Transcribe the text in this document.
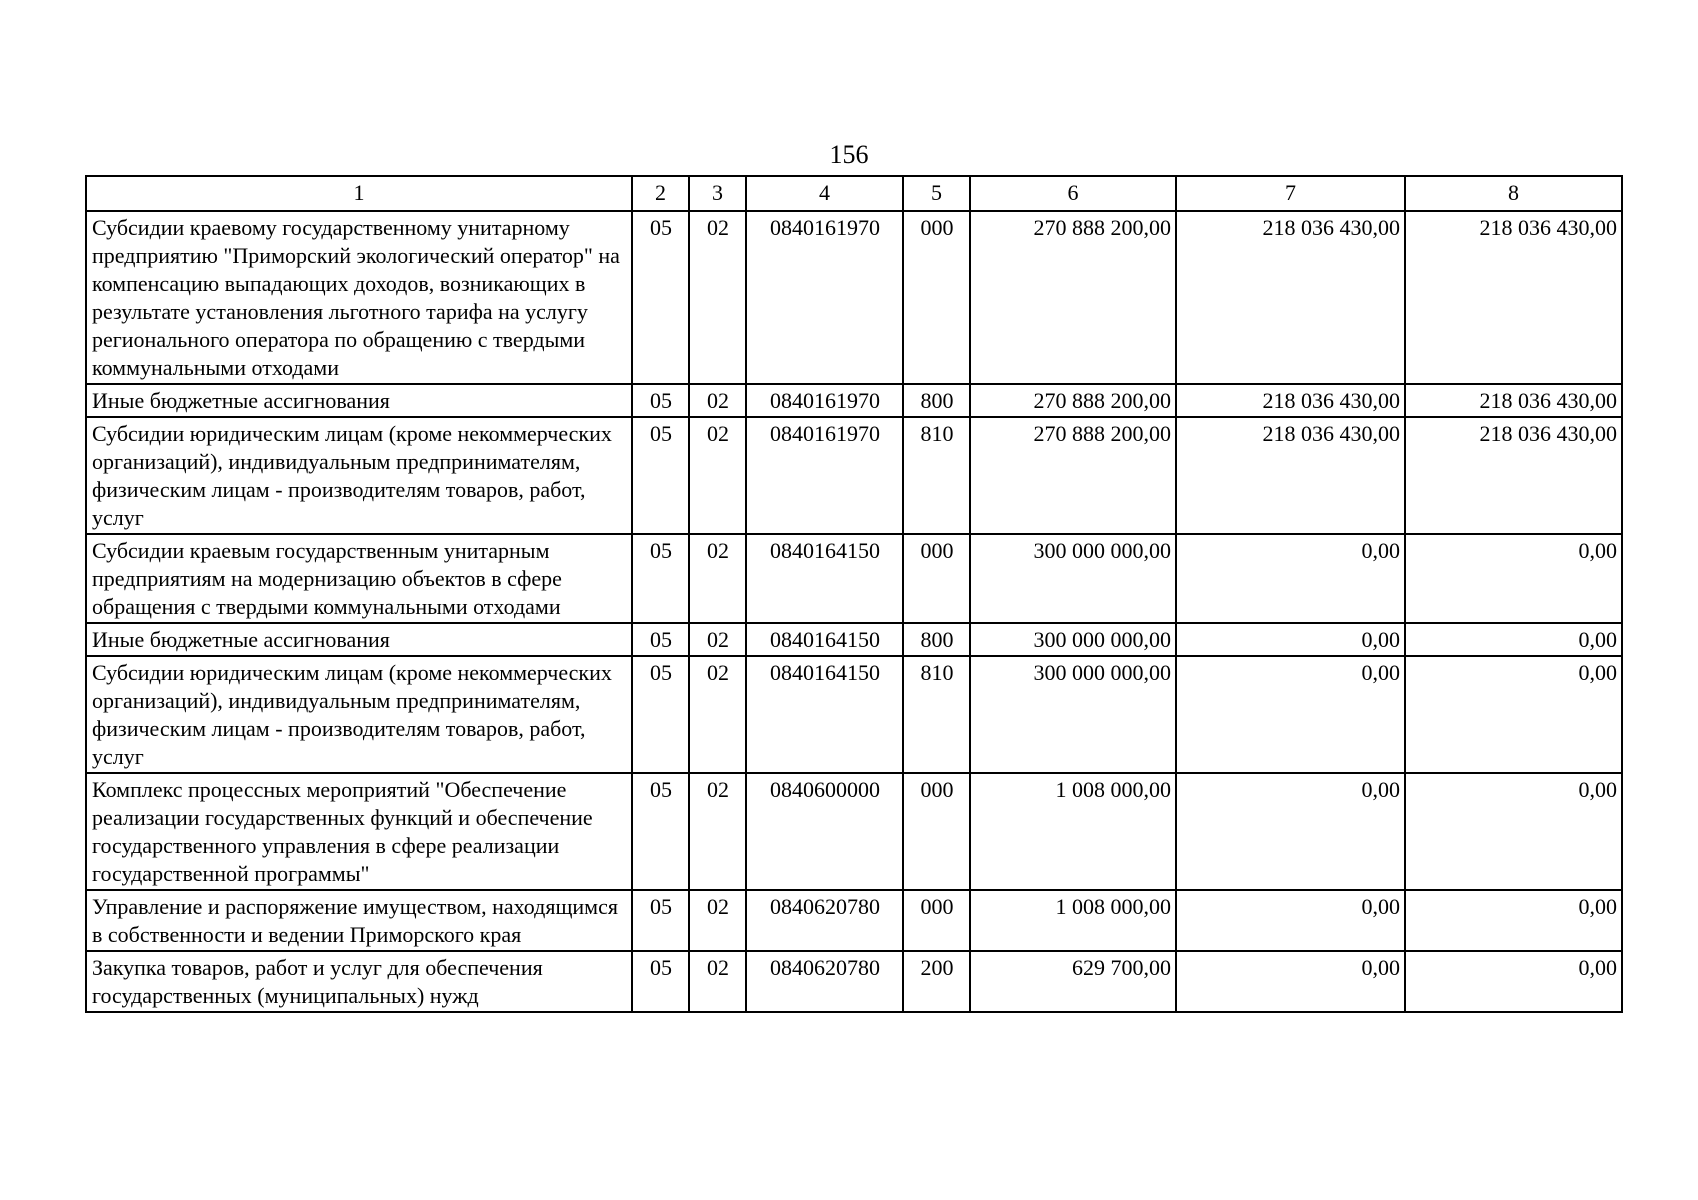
156
1	2	3	4	5	6	7	8
Субсидии краевому государственному унитарному предприятию "Приморский экологический оператор" на компенсацию выпадающих доходов, возникающих в результате установления льготного тарифа на услугу регионального оператора по обращению с твердыми коммунальными отходами	05	02	0840161970	000	270 888 200,00	218 036 430,00	218 036 430,00
Иные бюджетные ассигнования	05	02	0840161970	800	270 888 200,00	218 036 430,00	218 036 430,00
Субсидии юридическим лицам (кроме некоммерческих организаций), индивидуальным предпринимателям, физическим лицам - производителям товаров, работ, услуг	05	02	0840161970	810	270 888 200,00	218 036 430,00	218 036 430,00
Субсидии краевым государственным унитарным предприятиям на модернизацию объектов в сфере обращения с твердыми коммунальными отходами	05	02	0840164150	000	300 000 000,00	0,00	0,00
Иные бюджетные ассигнования	05	02	0840164150	800	300 000 000,00	0,00	0,00
Субсидии юридическим лицам (кроме некоммерческих организаций), индивидуальным предпринимателям, физическим лицам - производителям товаров, работ, услуг	05	02	0840164150	810	300 000 000,00	0,00	0,00
Комплекс процессных мероприятий "Обеспечение реализации государственных функций и обеспечение государственного управления в сфере реализации государственной программы"	05	02	0840600000	000	1 008 000,00	0,00	0,00
Управление и распоряжение имуществом, находящимся в собственности и ведении Приморского края	05	02	0840620780	000	1 008 000,00	0,00	0,00
Закупка товаров, работ и услуг для обеспечения государственных (муниципальных) нужд	05	02	0840620780	200	629 700,00	0,00	0,00
